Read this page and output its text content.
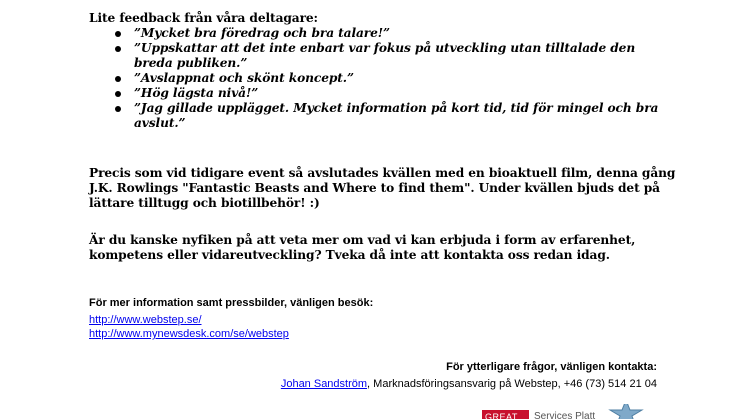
Lite feedback från våra deltagare:

”Mycket bra föredrag och bra talare!”
”Uppskattar att det inte enbart var fokus på utveckling utan tilltalade den breda publiken.”
”Avslappnat och skönt koncept.”
”Hög lägsta nivå!”
”Jag gillade upplägget. Mycket information på kort tid, tid för mingel och bra avslut.”

Precis som vid tidigare event så avslutades kvällen med en bioaktuell film, denna gång J.K. Rowlings "Fantastic Beasts and Where to find them". Under kvällen bjuds det på lättare tilltugg och biotillbehör! :)

Är du kanske nyfiken på att veta mer om vad vi kan erbjuda i form av erfarenhet, kompetens eller vidareutveckling? Tveka då inte att kontakta oss redan idag.

För mer information samt pressbilder, vänligen besök:

http://www.webstep.se/
http://www.mynewsdesk.com/se/webstep

För ytterligare frågor, vänligen kontakta:

Johan Sandström, Marknadsföringsansvarig på Webstep, +46 (73) 514 21 04

GREAT	Services Platt
